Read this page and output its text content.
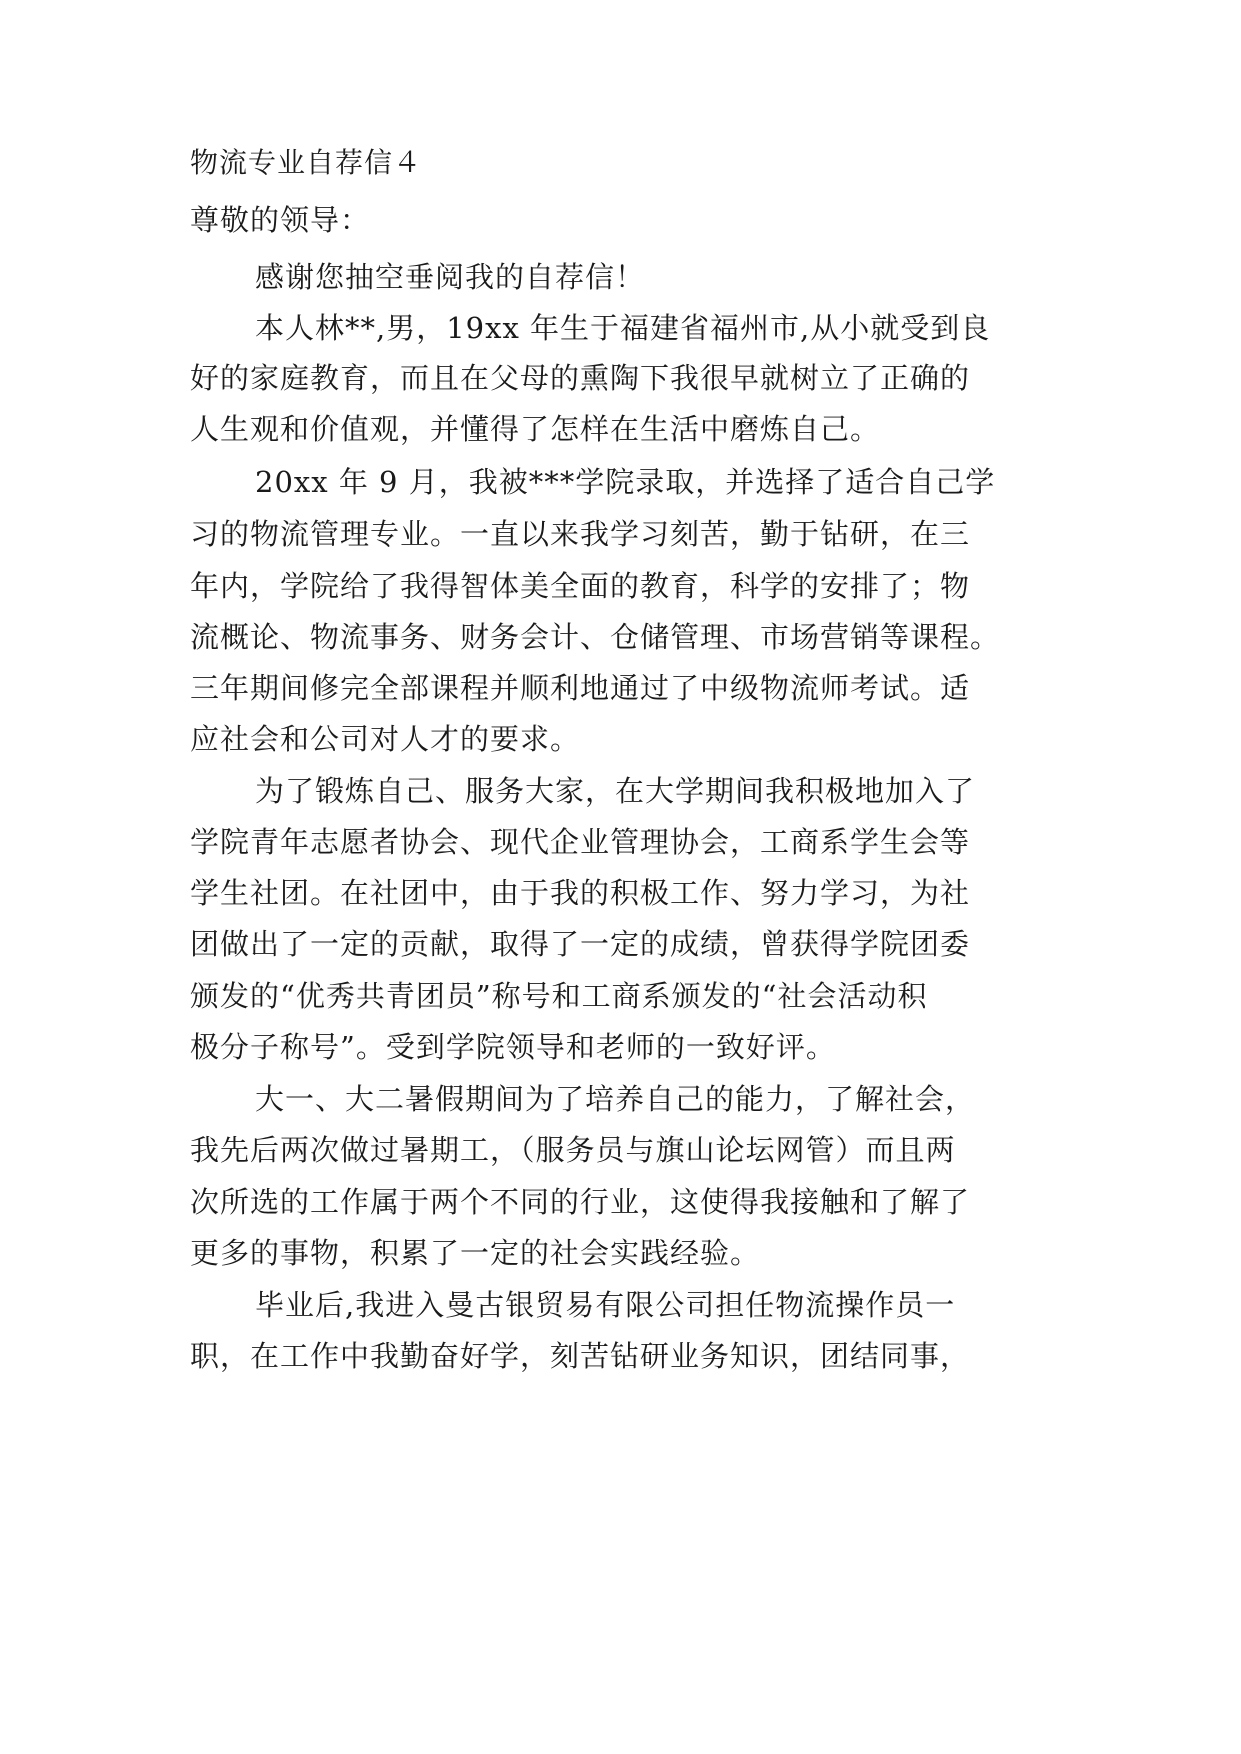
物流专业自荐信４
尊敬的领导：
感谢您抽空垂阅我的自荐信！
本人林**,男，19xx 年生于福建省福州市,从小就受到良
好的家庭教育，而且在父母的熏陶下我很早就树立了正确的
人生观和价值观，并懂得了怎样在生活中磨炼自己。
20xx 年 9 月，我被***学院录取，并选择了适合自己学
习的物流管理专业。一直以来我学习刻苦，勤于钻研，在三
年内，学院给了我得智体美全面的教育，科学的安排了；物
流概论、物流事务、财务会计、仓储管理、市场营销等课程。
三年期间修完全部课程并顺利地通过了中级物流师考试。适
应社会和公司对人才的要求。
为了锻炼自己、服务大家，在大学期间我积极地加入了
学院青年志愿者协会、现代企业管理协会，工商系学生会等
学生社团。在社团中，由于我的积极工作、努力学习，为社
团做出了一定的贡献，取得了一定的成绩，曾获得学院团委
颁发的“优秀共青团员”称号和工商系颁发的“社会活动积
极分子称号”。受到学院领导和老师的一致好评。
大一、大二暑假期间为了培养自己的能力，了解社会，
我先后两次做过暑期工，（服务员与旗山论坛网管）而且两
次所选的工作属于两个不同的行业，这使得我接触和了解了
更多的事物，积累了一定的社会实践经验。
毕业后,我进入曼古银贸易有限公司担任物流操作员一
职，在工作中我勤奋好学，刻苦钻研业务知识，团结同事，
